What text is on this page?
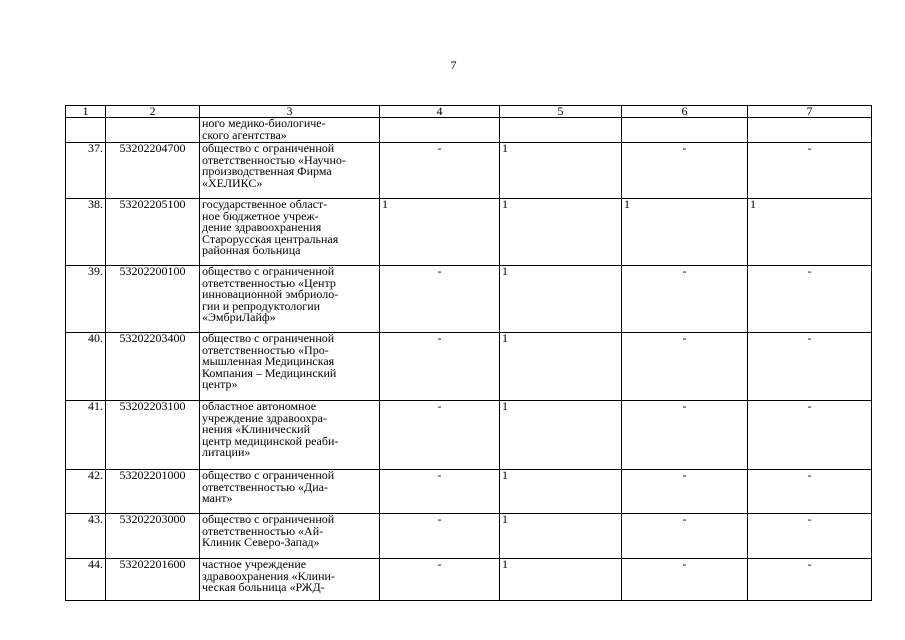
7
1	2	3	4	5	6	7
		ного медико-биологиче-
ского агентства»				
37.	53202204700	общество с ограниченной
ответственностью «Научно-
производственная Фирма
«ХЕЛИКС»	-	1	-	-
38.	53202205100	государственное област-
ное бюджетное учреж-
дение здравоохранения
Старорусская центральная
районная больница	1	1	1	1
39.	53202200100	общество с ограниченной
ответственностью «Центр
инновационной эмбриоло-
гии и репродуктологии
«ЭмбриЛайф»	-	1	-	-
40.	53202203400	общество с ограниченной
ответственностью «Про-
мышленная Медицинская
Компания – Медицинский
центр»	-	1	-	-
41.	53202203100	областное автономное
учреждение здравоохра-
нения «Клинический
центр медицинской реаби-
литации»	-	1	-	-
42.	53202201000	общество с ограниченной
ответственностью «Диа-
мант»	-	1	-	-
43.	53202203000	общество с ограниченной
ответственностью «Ай-
Клиник Северо-Запад»	-	1	-	-
44.	53202201600	частное учреждение
здравоохранения «Клини-
ческая больница «РЖД-	-	1	-	-
